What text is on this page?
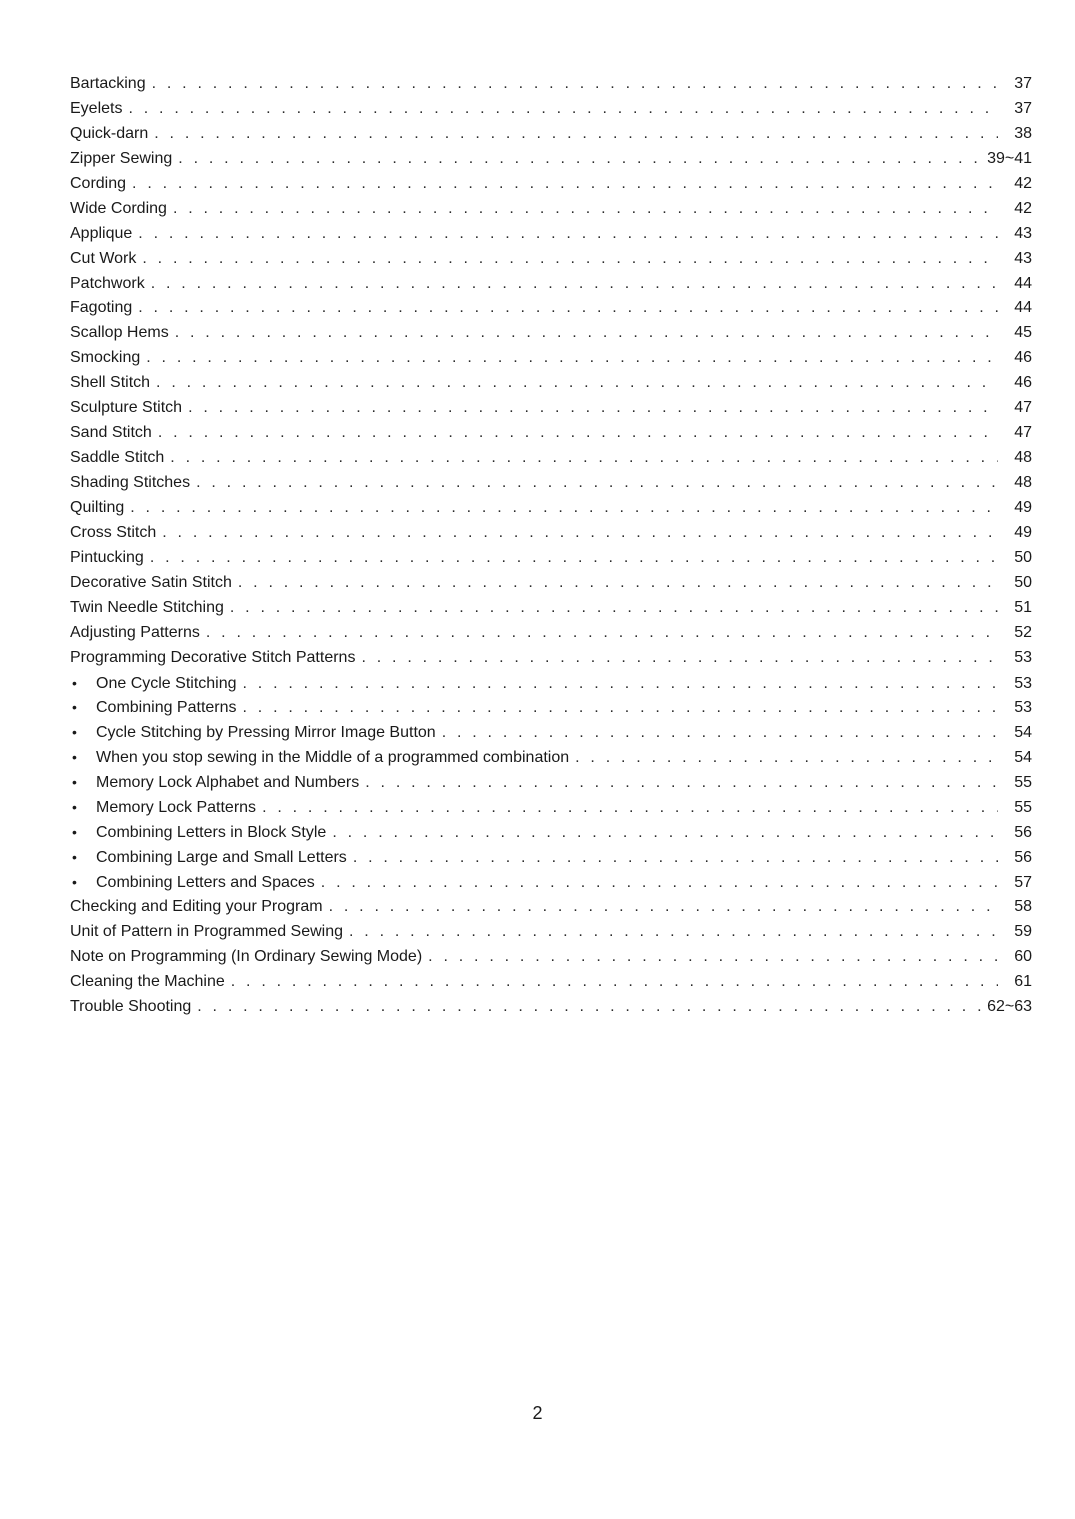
Bartacking . . .	37
Eyelets . . .	37
Quick-darn . . .	38
Zipper Sewing . . .	39~41
Cording . . .	42
Wide Cording . . .	42
Applique . . .	43
Cut Work . . .	43
Patchwork . . .	44
Fagoting . . .	44
Scallop Hems . . .	45
Smocking . . .	46
Shell Stitch . . .	46
Sculpture Stitch . . .	47
Sand Stitch . . .	47
Saddle Stitch . . .	48
Shading Stitches . . .	48
Quilting . . .	49
Cross Stitch . . .	49
Pintucking . . .	50
Decorative Satin Stitch . . .	50
Twin Needle Stitching . . .	51
Adjusting Patterns . . .	52
Programming Decorative Stitch Patterns . . .	53
•	One Cycle Stitching . . .	53
•	Combining Patterns . . .	53
•	Cycle Stitching by Pressing Mirror Image Button . . .	54
•	When you stop sewing in the Middle of a programmed combination . . .	54
•	Memory Lock Alphabet and Numbers . . .	55
•	Memory Lock Patterns . . .	55
•	Combining Letters in Block Style . . .	56
•	Combining Large and Small Letters . . .	56
•	Combining Letters and Spaces . . .	57
Checking and Editing your Program . . .	58
Unit of Pattern in Programmed Sewing . . .	59
Note on Programming (In Ordinary Sewing Mode) . . .	60
Cleaning the Machine . . .	61
Trouble Shooting . . .	62~63
2
